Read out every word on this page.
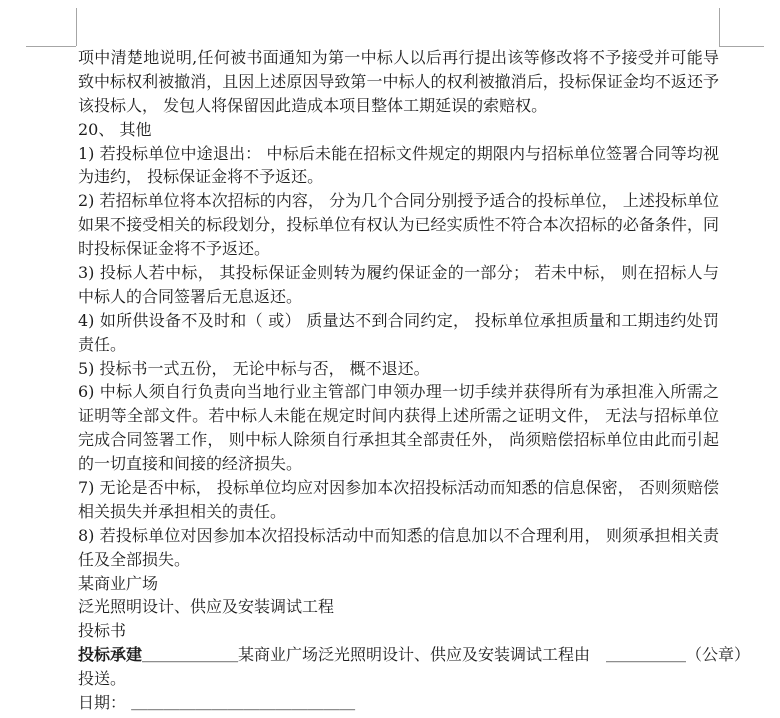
项中清楚地说明,任何被书面通知为第一中标人以后再行提出该等修改将不予接受并可能导
致中标权利被撤消，且因上述原因导致第一中标人的权利被撤消后，投标保证金均不返还予
该投标人， 发包人将保留因此造成本项目整体工期延误的索赔权。
20、 其他
1) 若投标单位中途退出： 中标后未能在招标文件规定的期限内与招标单位签署合同等均视
为违约， 投标保证金将不予返还。
2) 若招标单位将本次招标的内容， 分为几个合同分别授予适合的投标单位， 上述投标单位
如果不接受相关的标段划分，投标单位有权认为已经实质性不符合本次招标的必备条件，同
时投标保证金将不予返还。
3) 投标人若中标， 其投标保证金则转为履约保证金的一部分； 若未中标， 则在招标人与
中标人的合同签署后无息返还。
4) 如所供设备不及时和（ 或） 质量达不到合同约定， 投标单位承担质量和工期违约处罚
责任。
5) 投标书一式五份， 无论中标与否， 概不退还。
6) 中标人须自行负责向当地行业主管部门申领办理一切手续并获得所有为承担准入所需之
证明等全部文件。若中标人未能在规定时间内获得上述所需之证明文件， 无法与招标单位
完成合同签署工作， 则中标人除须自行承担其全部责任外， 尚须赔偿招标单位由此而引起
的一切直接和间接的经济损失。
7) 无论是否中标， 投标单位均应对因参加本次招投标活动而知悉的信息保密， 否则须赔偿
相关损失并承担相关的责任。
8) 若投标单位对因参加本次招投标活动中而知悉的信息加以不合理利用， 则须承担相关责
任及全部损失。
某商业广场
泛光照明设计、供应及安装调试工程
投标书
投标承建＿＿＿＿＿＿某商业广场泛光照明设计、供应及安装调试工程由　＿＿＿＿＿（公章）
投送。
日期： ＿＿＿＿＿＿＿＿＿＿＿＿＿＿
